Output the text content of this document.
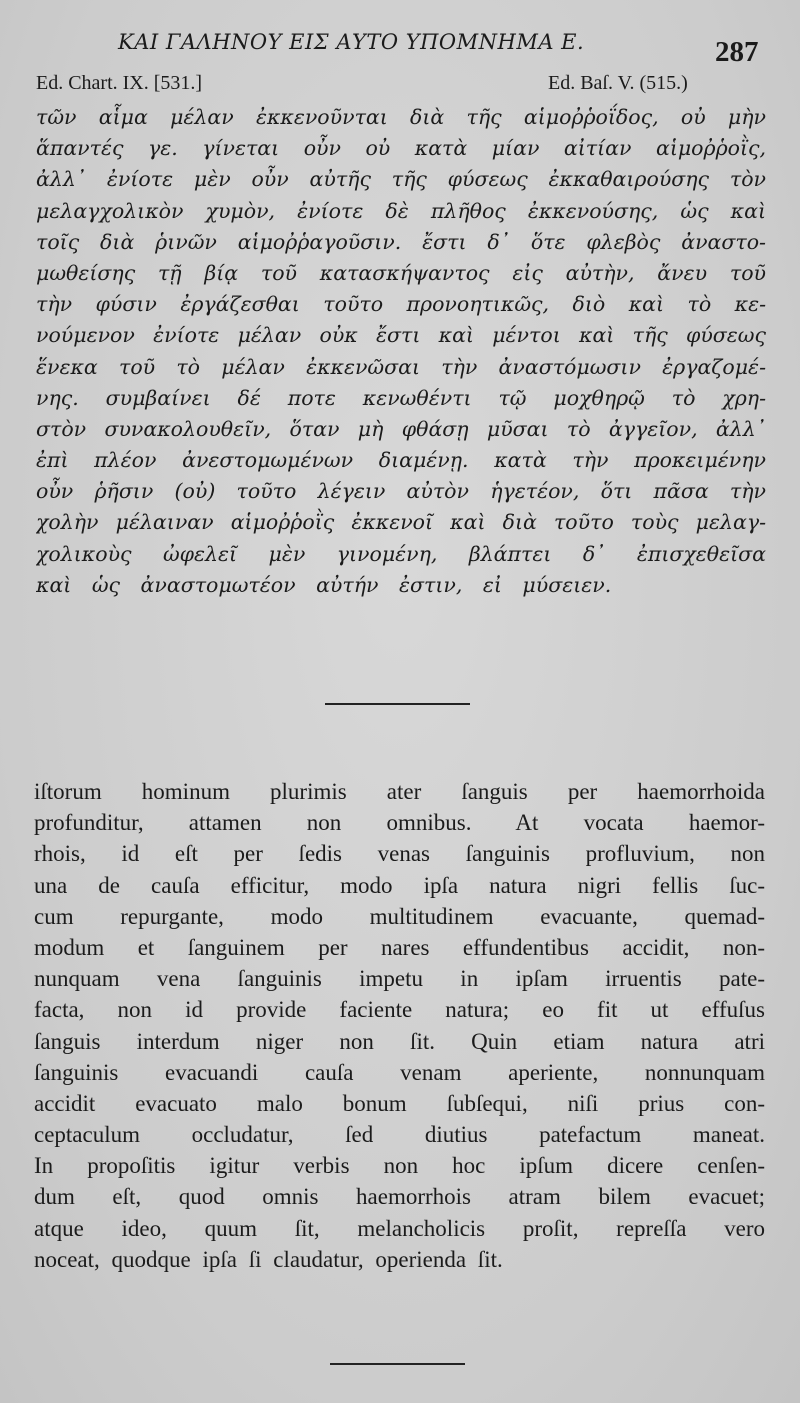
ΚΑΙ ΓΑΛΗΝΟΥ ΕΙΣ ΑΥΤΟ ΥΠΟΜΝΗΜΑ Ε.	287
Ed. Chart. IX. [531.]	Ed. Baſ. V. (515.)
τῶν αἷμα μέλαν ἐκκενοῦνται διὰ τῆς αἱμοῤῥοΐδος, οὐ μὴν
ἅπαντές γε. γίνεται οὖν οὐ κατὰ μίαν αἰτίαν αἱμοῤῥοῒς,
ἀλλ᾽ ἐνίοτε μὲν οὖν αὐτῆς τῆς φύσεως ἐκκαθαιρούσης τὸν
μελαγχολικὸν χυμὸν, ἐνίοτε δὲ πλῆθος ἐκκενούσης, ὡς καὶ
τοῖς διὰ ῥινῶν αἱμοῤῥαγοῦσιν. ἔστι δ᾽ ὅτε φλεβὸς ἀναστο-
μωθείσης τῇ βίᾳ τοῦ κατασκήψαντος εἰς αὐτὴν, ἄνευ τοῦ
τὴν φύσιν ἐργάζεσθαι τοῦτο προνοητικῶς, διὸ καὶ τὸ κε-
νούμενον ἐνίοτε μέλαν οὐκ ἔστι καὶ μέντοι καὶ τῆς φύσεως
ἕνεκα τοῦ τὸ μέλαν ἐκκενῶσαι τὴν ἀναστόμωσιν ἐργαζομέ-
νης. συμβαίνει δέ ποτε κενωθέντι τῷ μοχθηρῷ τὸ χρη-
στὸν συνακολουθεῖν, ὅταν μὴ φθάσῃ μῦσαι τὸ ἀγγεῖον, ἀλλ᾽
ἐπὶ πλέον ἀνεστομωμένων διαμένῃ. κατὰ τὴν προκειμένην
οὖν ῥῆσιν (οὐ) τοῦτο λέγειν αὐτὸν ἡγετέον, ὅτι πᾶσα τὴν
χολὴν μέλαιναν αἱμοῤῥοῒς ἐκκενοῖ καὶ διὰ τοῦτο τοὺς μελαγ-
χολικοὺς ὠφελεῖ μὲν γινομένη, βλάπτει δ᾽ ἐπισχεθεῖσα
καὶ ὡς ἀναστομωτέον αὐτήν ἐστιν, εἰ μύσειεν.
iſtorum hominum plurimis ater ſanguis per haemorrhoida
profunditur, attamen non omnibus. At vocata haemor-
rhois, id eſt per ſedis venas ſanguinis profluvium, non
una de cauſa efficitur, modo ipſa natura nigri fellis ſuc-
cum repurgante, modo multitudinem evacuante, quemad-
modum et ſanguinem per nares effundentibus accidit, non-
nunquam vena ſanguinis impetu in ipſam irruentis pate-
facta, non id provide faciente natura; eo fit ut effuſus
ſanguis interdum niger non ſit. Quin etiam natura atri
ſanguinis evacuandi cauſa venam aperiente, nonnunquam
accidit evacuato malo bonum ſubſequi, niſi prius con-
ceptaculum occludatur, ſed diutius patefactum maneat.
In propoſitis igitur verbis non hoc ipſum dicere cenſen-
dum eſt, quod omnis haemorrhois atram bilem evacuet;
atque ideo, quum ſit, melancholicis proſit, repreſſa vero
noceat, quodque ipſa ſi claudatur, operienda ſit.
